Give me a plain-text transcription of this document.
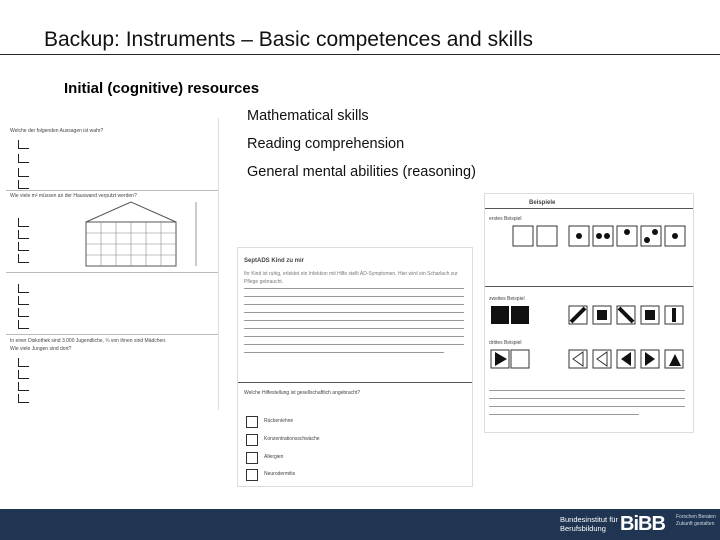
Backup: Instruments – Basic competences and skills
Initial (cognitive) resources
Mathematical skills
Reading comprehension
General mental abilities (reasoning)
Welche der folgenden Aussagen ist wahr?
Wie viele m² müssen an der Hauswand verputzt werden?
In einer Diskothek sind 3.000 Jugendliche, ¼ von ihnen sind Mädchen.
Wie viele Jungen sind dort?
SeptADS Kind zu mir
Ihr Kind ist ruhig, erleidet ein Infektion mit Hilfe stellt AD-Symptomen. Hier wird ein Scharlach zur Pflege gebraucht.
Welche Hilfestellung ist gesellschaftlich angebracht?
Rückenlehne
Konzentrationsschwäche
Allergien
Neurodermitis
Beispiele
erstes Beispiel
zweites Beispiel
drittes Beispiel
Bundesinstitut für Berufsbildung BiBB Forschen Beraten Zukunft gestalten
